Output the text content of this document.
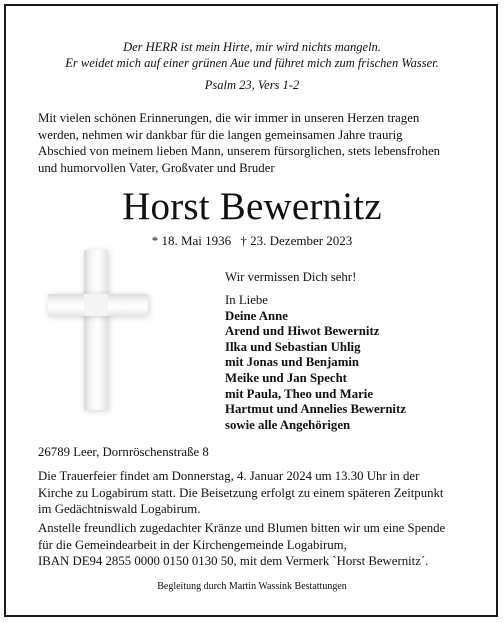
Der HERR ist mein Hirte, mir wird nichts mangeln.
Er weidet mich auf einer grünen Aue und führet mich zum frischen Wasser.
Psalm 23, Vers 1-2
Mit vielen schönen Erinnerungen, die wir immer in unseren Herzen tragen
werden, nehmen wir dankbar für die langen gemeinsamen Jahre traurig
Abschied von meinem lieben Mann, unserem fürsorglichen, stets lebensfrohen
und humorvollen Vater, Großvater und Bruder
Horst Bewernitz
* 18. Mai 1936 † 23. Dezember 2023
Wir vermissen Dich sehr!
In Liebe
Deine Anne
Arend und Hiwot Bewernitz
Ilka und Sebastian Uhlig
mit Jonas und Benjamin
Meike und Jan Specht
mit Paula, Theo und Marie
Hartmut und Annelies Bewernitz
sowie alle Angehörigen
26789 Leer, Dornröschenstraße 8
Die Trauerfeier findet am Donnerstag, 4. Januar 2024 um 13.30 Uhr in der
Kirche zu Logabirum statt. Die Beisetzung erfolgt zu einem späteren Zeitpunkt
im Gedächtniswald Logabirum.
Anstelle freundlich zugedachter Kränze und Blumen bitten wir um eine Spende
für die Gemeindearbeit in der Kirchengemeinde Logabirum,
IBAN DE94 2855 0000 0150 0130 50, mit dem Vermerk `Horst Bewernitz´.
Begleitung durch Martin Wassink Bestattungen
